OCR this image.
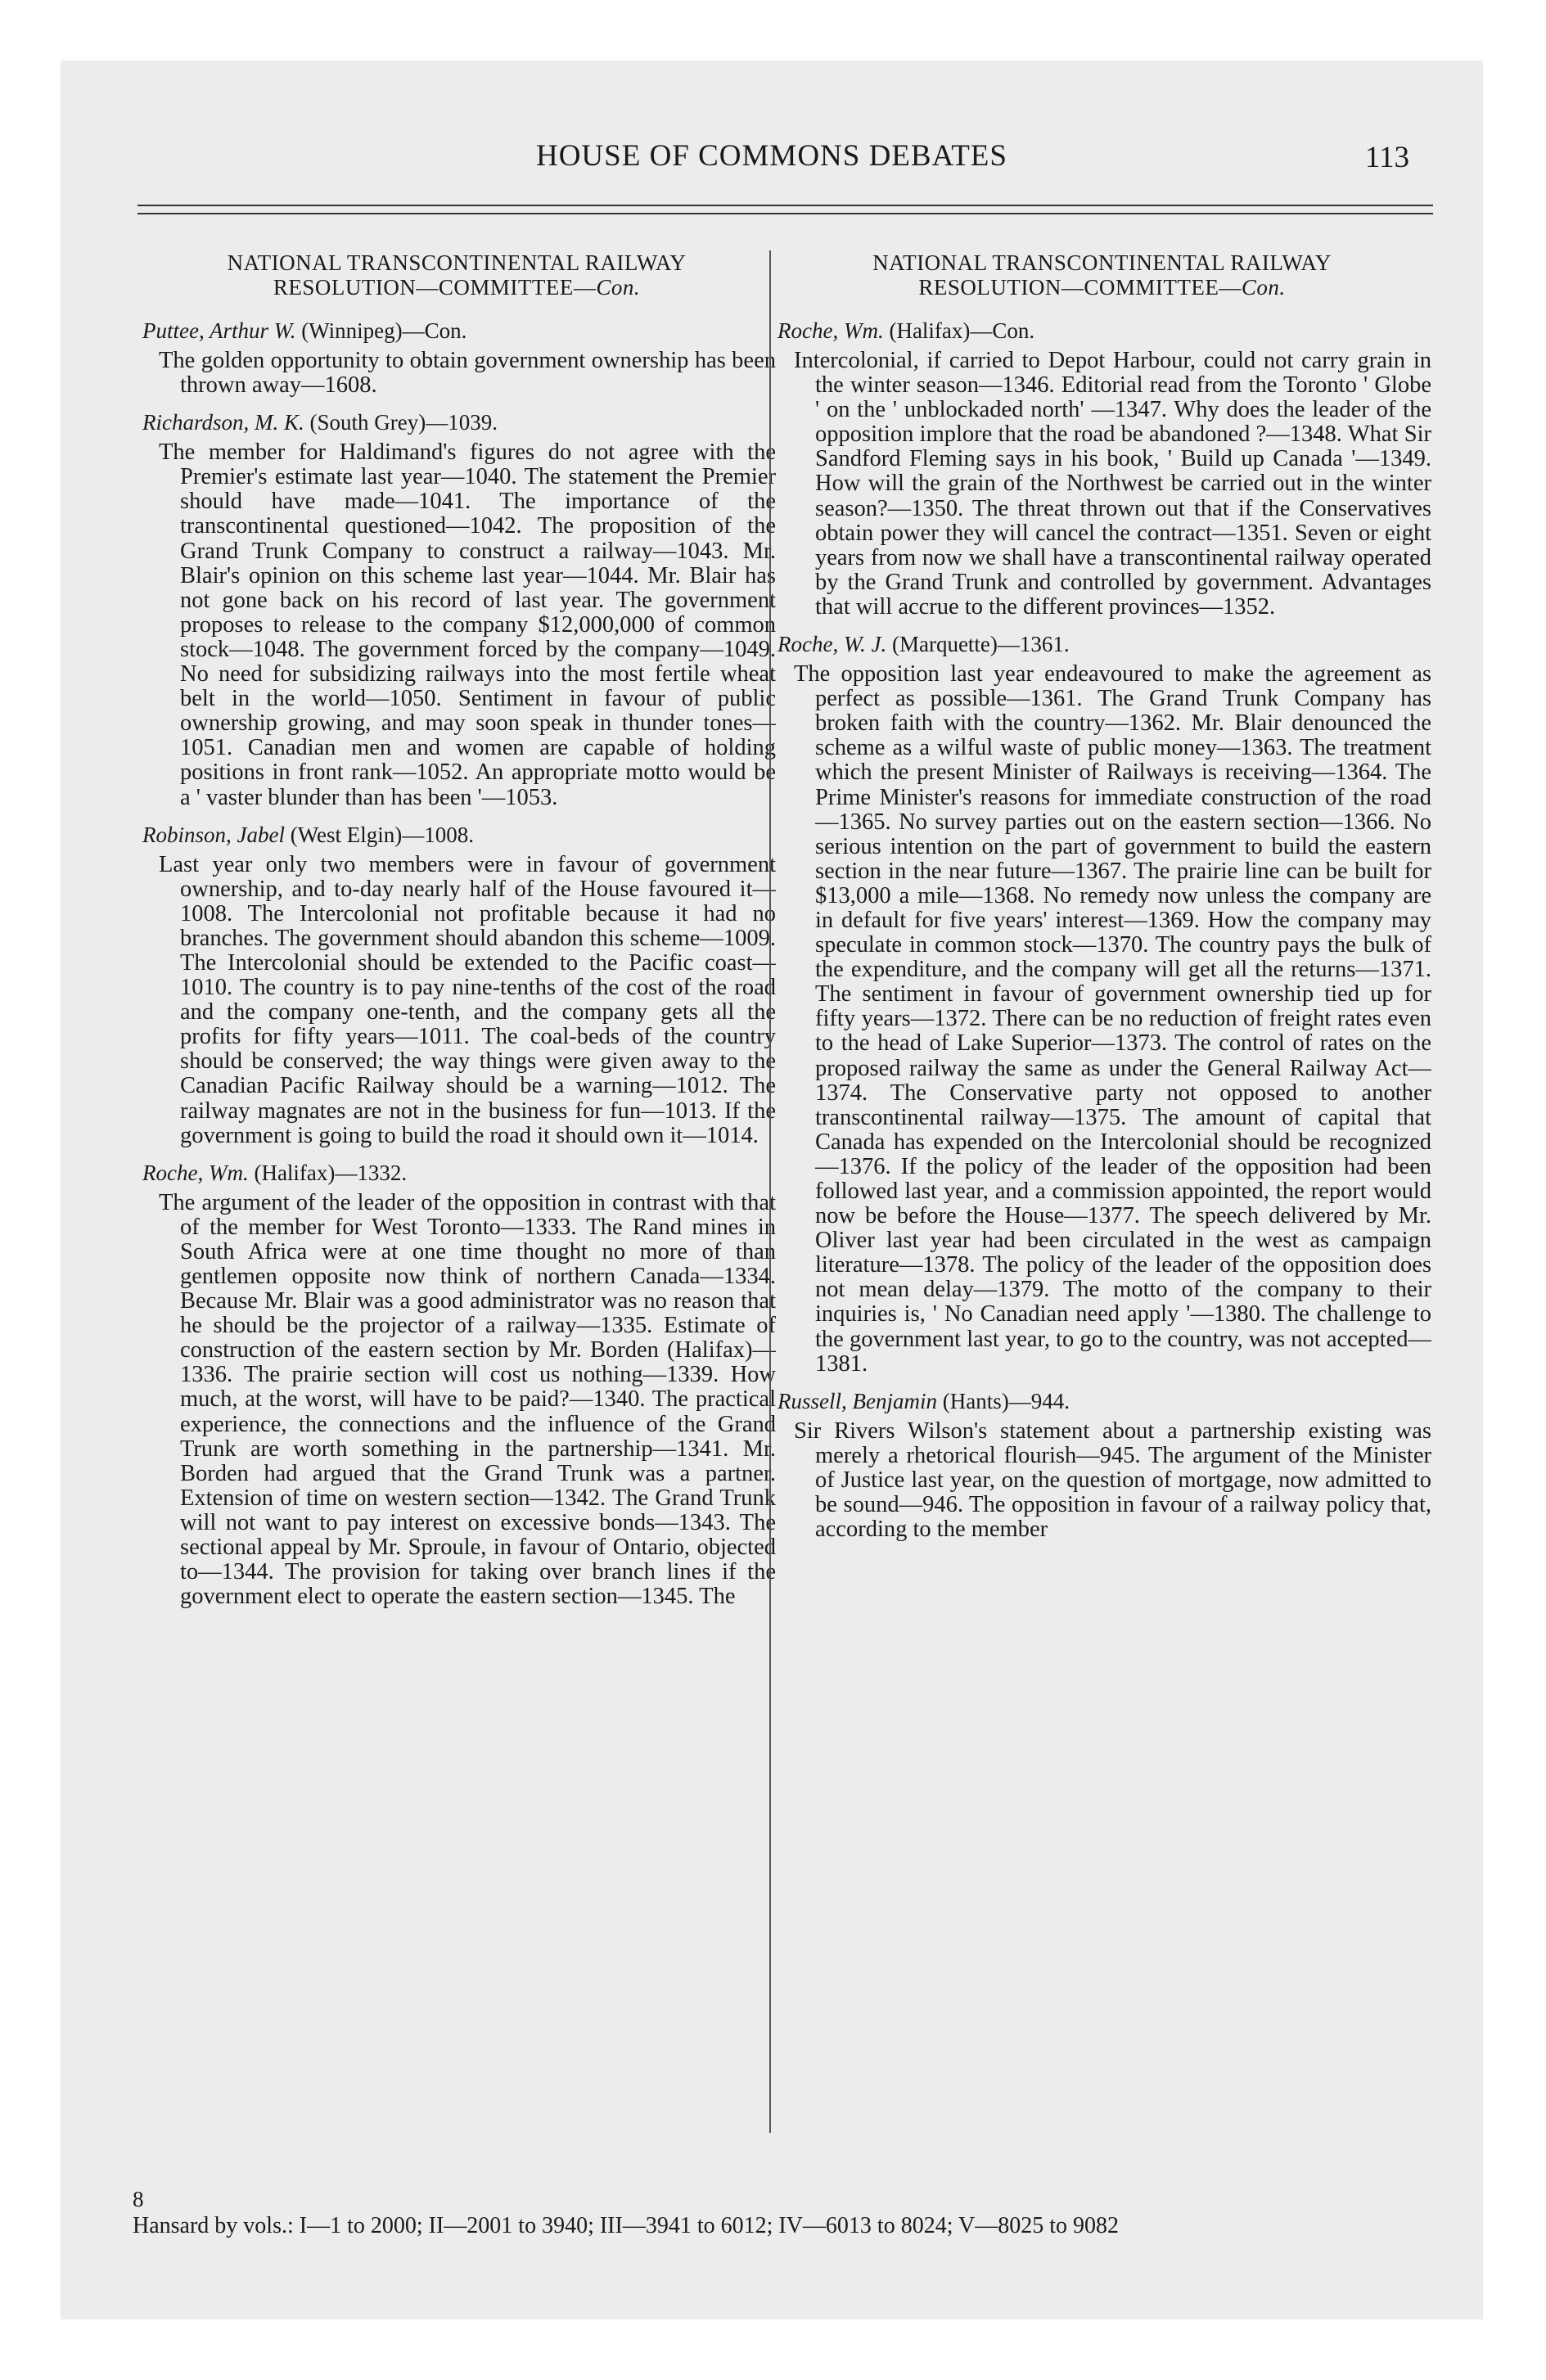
HOUSE OF COMMONS DEBATES	113
NATIONAL TRANSCONTINENTAL RAILWAY
RESOLUTION—COMMITTEE—Con.
Puttee, Arthur W. (Winnipeg)—Con.
The golden opportunity to obtain government ownership has been thrown away—1608.
Richardson, M. K. (South Grey)—1039.
The member for Haldimand's figures do not agree with the Premier's estimate last year—1040. The statement the Premier should have made—1041. The importance of the transcontinental questioned—1042. The proposition of the Grand Trunk Company to construct a railway—1043. Mr. Blair's opinion on this scheme last year—1044. Mr. Blair has not gone back on his record of last year. The government proposes to release to the company $12,000,000 of common stock—1048. The government forced by the company—1049. No need for subsidizing railways into the most fertile wheat belt in the world—1050. Sentiment in favour of public ownership growing, and may soon speak in thunder tones—1051. Canadian men and women are capable of holding positions in front rank—1052. An appropriate motto would be a ' vaster blunder than has been '—1053.
Robinson, Jabel (West Elgin)—1008.
Last year only two members were in favour of government ownership, and to-day nearly half of the House favoured it—1008. The Intercolonial not profitable because it had no branches. The government should abandon this scheme—1009. The Intercolonial should be extended to the Pacific coast—1010. The country is to pay nine-tenths of the cost of the road and the company one-tenth, and the company gets all the profits for fifty years—1011. The coal-beds of the country should be conserved; the way things were given away to the Canadian Pacific Railway should be a warning—1012. The railway magnates are not in the business for fun—1013. If the government is going to build the road it should own it—1014.
Roche, Wm. (Halifax)—1332.
The argument of the leader of the opposition in contrast with that of the member for West Toronto—1333. The Rand mines in South Africa were at one time thought no more of than gentlemen opposite now think of northern Canada—1334. Because Mr. Blair was a good administrator was no reason that he should be the projector of a railway—1335. Estimate of construction of the eastern section by Mr. Borden (Halifax)—1336. The prairie section will cost us nothing—1339. How much, at the worst, will have to be paid?—1340. The practical experience, the connections and the influence of the Grand Trunk are worth something in the partnership—1341. Mr. Borden had argued that the Grand Trunk was a partner. Extension of time on western section—1342. The Grand Trunk will not want to pay interest on excessive bonds—1343. The sectional appeal by Mr. Sproule, in favour of Ontario, objected to—1344. The provision for taking over branch lines if the government elect to operate the eastern section—1345. The
NATIONAL TRANSCONTINENTAL RAILWAY
RESOLUTION—COMMITTEE—Con.
Roche, Wm. (Halifax)—Con.
Intercolonial, if carried to Depot Harbour, could not carry grain in the winter season—1346. Editorial read from the Toronto ' Globe ' on the ' unblockaded north' —1347. Why does the leader of the opposition implore that the road be abandoned ?—1348. What Sir Sandford Fleming says in his book, ' Build up Canada '—1349. How will the grain of the Northwest be carried out in the winter season?—1350. The threat thrown out that if the Conservatives obtain power they will cancel the contract—1351. Seven or eight years from now we shall have a transcontinental railway operated by the Grand Trunk and controlled by government. Advantages that will accrue to the different provinces—1352.
Roche, W. J. (Marquette)—1361.
The opposition last year endeavoured to make the agreement as perfect as possible—1361. The Grand Trunk Company has broken faith with the country—1362. Mr. Blair denounced the scheme as a wilful waste of public money—1363. The treatment which the present Minister of Railways is receiving—1364. The Prime Minister's reasons for immediate construction of the road—1365. No survey parties out on the eastern section—1366. No serious intention on the part of government to build the eastern section in the near future—1367. The prairie line can be built for $13,000 a mile—1368. No remedy now unless the company are in default for five years' interest—1369. How the company may speculate in common stock—1370. The country pays the bulk of the expenditure, and the company will get all the returns—1371. The sentiment in favour of government ownership tied up for fifty years—1372. There can be no reduction of freight rates even to the head of Lake Superior—1373. The control of rates on the proposed railway the same as under the General Railway Act—1374. The Conservative party not opposed to another transcontinental railway—1375. The amount of capital that Canada has expended on the Intercolonial should be recognized—1376. If the policy of the leader of the opposition had been followed last year, and a commission appointed, the report would now be before the House—1377. The speech delivered by Mr. Oliver last year had been circulated in the west as campaign literature—1378. The policy of the leader of the opposition does not mean delay—1379. The motto of the company to their inquiries is, ' No Canadian need apply '—1380. The challenge to the government last year, to go to the country, was not accepted—1381.
Russell, Benjamin (Hants)—944.
Sir Rivers Wilson's statement about a partnership existing was merely a rhetorical flourish—945. The argument of the Minister of Justice last year, on the question of mortgage, now admitted to be sound—946. The opposition in favour of a railway policy that, according to the member
8
Hansard by vols.: I—1 to 2000; II—2001 to 3940; III—3941 to 6012; IV—6013 to 8024; V—8025 to 9082
